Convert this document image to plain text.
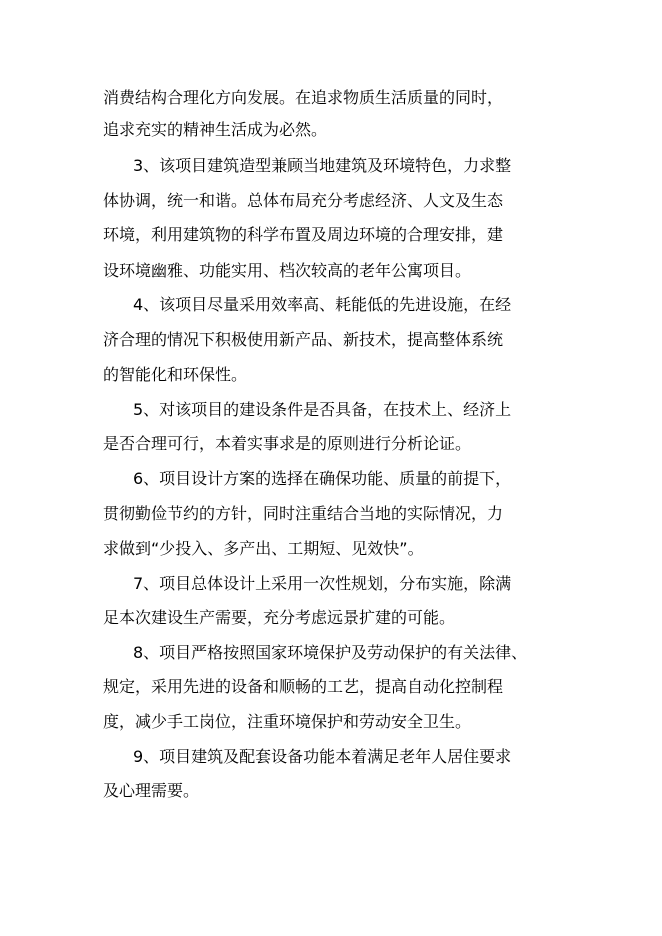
消费结构合理化方向发展。在追求物质生活质量的同时，
追求充实的精神生活成为必然。
3、该项目建筑造型兼顾当地建筑及环境特色，力求整
体协调，统一和谐。总体布局充分考虑经济、人文及生态
环境，利用建筑物的科学布置及周边环境的合理安排，建
设环境幽雅、功能实用、档次较高的老年公寓项目。
4、该项目尽量采用效率高、耗能低的先进设施，在经
济合理的情况下积极使用新产品、新技术，提高整体系统
的智能化和环保性。
5、对该项目的建设条件是否具备，在技术上、经济上
是否合理可行，本着实事求是的原则进行分析论证。
6、项目设计方案的选择在确保功能、质量的前提下，
贯彻勤俭节约的方针，同时注重结合当地的实际情况，力
求做到“少投入、多产出、工期短、见效快”。
7、项目总体设计上采用一次性规划，分布实施，除满
足本次建设生产需要，充分考虑远景扩建的可能。
8、项目严格按照国家环境保护及劳动保护的有关法律、
规定，采用先进的设备和顺畅的工艺，提高自动化控制程
度，减少手工岗位，注重环境保护和劳动安全卫生。
9、项目建筑及配套设备功能本着满足老年人居住要求
及心理需要。
